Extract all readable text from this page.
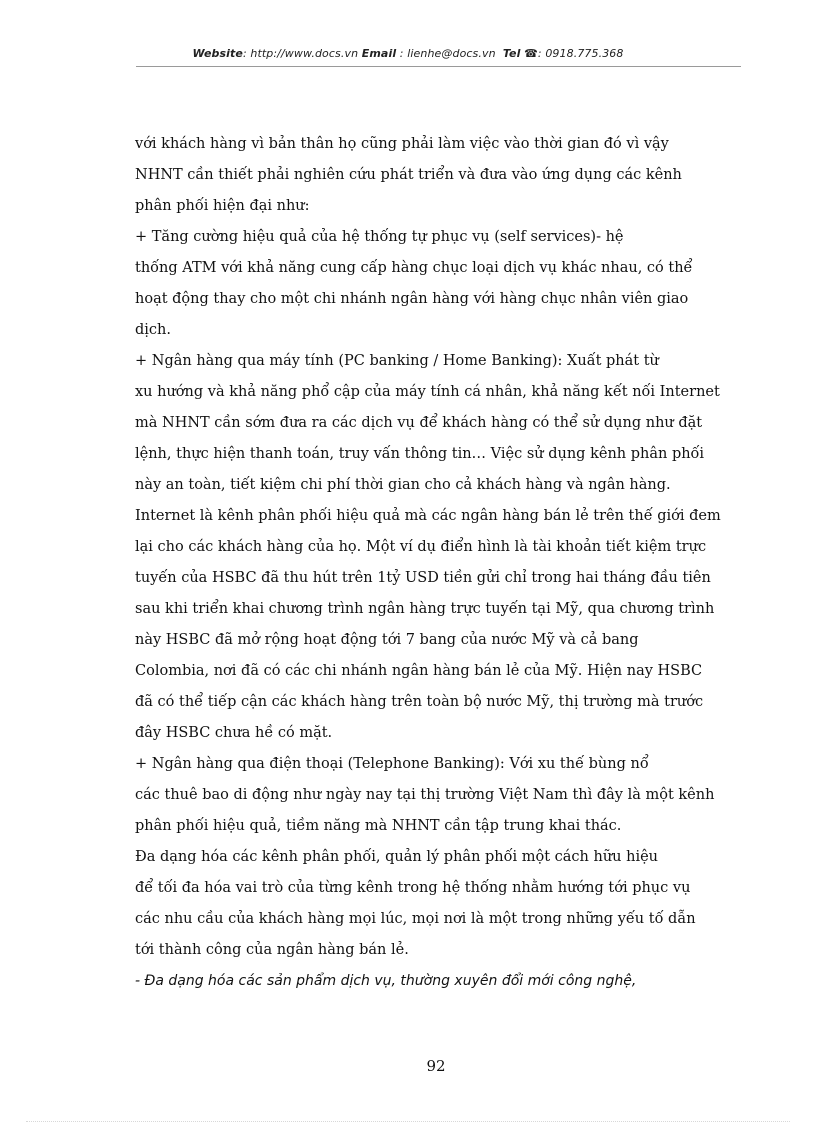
Website: http://www.docs.vn Email : lienhe@docs.vn Tel ☎: 0918.775.368
với khách hàng vì bản thân họ cũng phải làm việc vào thời gian đó vì vậy
NHNT cần thiết phải nghiên cứu phát triển và đưa vào ứng dụng các kênh
phân phối hiện đại như:
+ Tăng cường hiệu quả của hệ thống tự phục vụ (self services)- hệ
thống ATM với khả năng cung cấp hàng chục loại dịch vụ khác nhau, có thể
hoạt động thay cho một chi nhánh ngân hàng với hàng chục nhân viên giao
dịch.
+ Ngân hàng qua máy tính (PC banking / Home Banking): Xuất phát từ
xu hướng và khả năng phổ cập của máy tính cá nhân, khả năng kết nối Internet
mà NHNT cần sớm đưa ra các dịch vụ để khách hàng có thể sử dụng như đặt
lệnh, thực hiện thanh toán, truy vấn thông tin… Việc sử dụng kênh phân phối
này an toàn, tiết kiệm chi phí thời gian cho cả khách hàng và ngân hàng.
Internet là kênh phân phối hiệu quả mà các ngân hàng bán lẻ trên thế giới đem
lại cho các khách hàng của họ. Một ví dụ điển hình là tài khoản tiết kiệm trực
tuyến của HSBC đã thu hút trên 1tỷ USD tiền gửi chỉ trong hai tháng đầu tiên
sau khi triển khai chương trình ngân hàng trực tuyến tại Mỹ, qua chương trình
này HSBC đã mở rộng hoạt động tới 7 bang của nước Mỹ và cả bang
Colombia, nơi đã có các chi nhánh ngân hàng bán lẻ của Mỹ. Hiện nay HSBC
đã có thể tiếp cận các khách hàng trên toàn bộ nước Mỹ, thị trường mà trước
đây HSBC chưa hề có mặt.
+ Ngân hàng qua điện thoại (Telephone Banking): Với xu thế bùng nổ
các thuê bao di động như ngày nay tại thị trường Việt Nam thì đây là một kênh
phân phối hiệu quả, tiềm năng mà NHNT cần tập trung khai thác.
Đa dạng hóa các kênh phân phối, quản lý phân phối một cách hữu hiệu
để tối đa hóa vai trò của từng kênh trong hệ thống nhằm hướng tới phục vụ
các nhu cầu của khách hàng mọi lúc, mọi nơi là một trong những yếu tố dẫn
tới thành công của ngân hàng bán lẻ.
- Đa dạng hóa các sản phẩm dịch vụ, thường xuyên đổi mới công nghệ,
92
